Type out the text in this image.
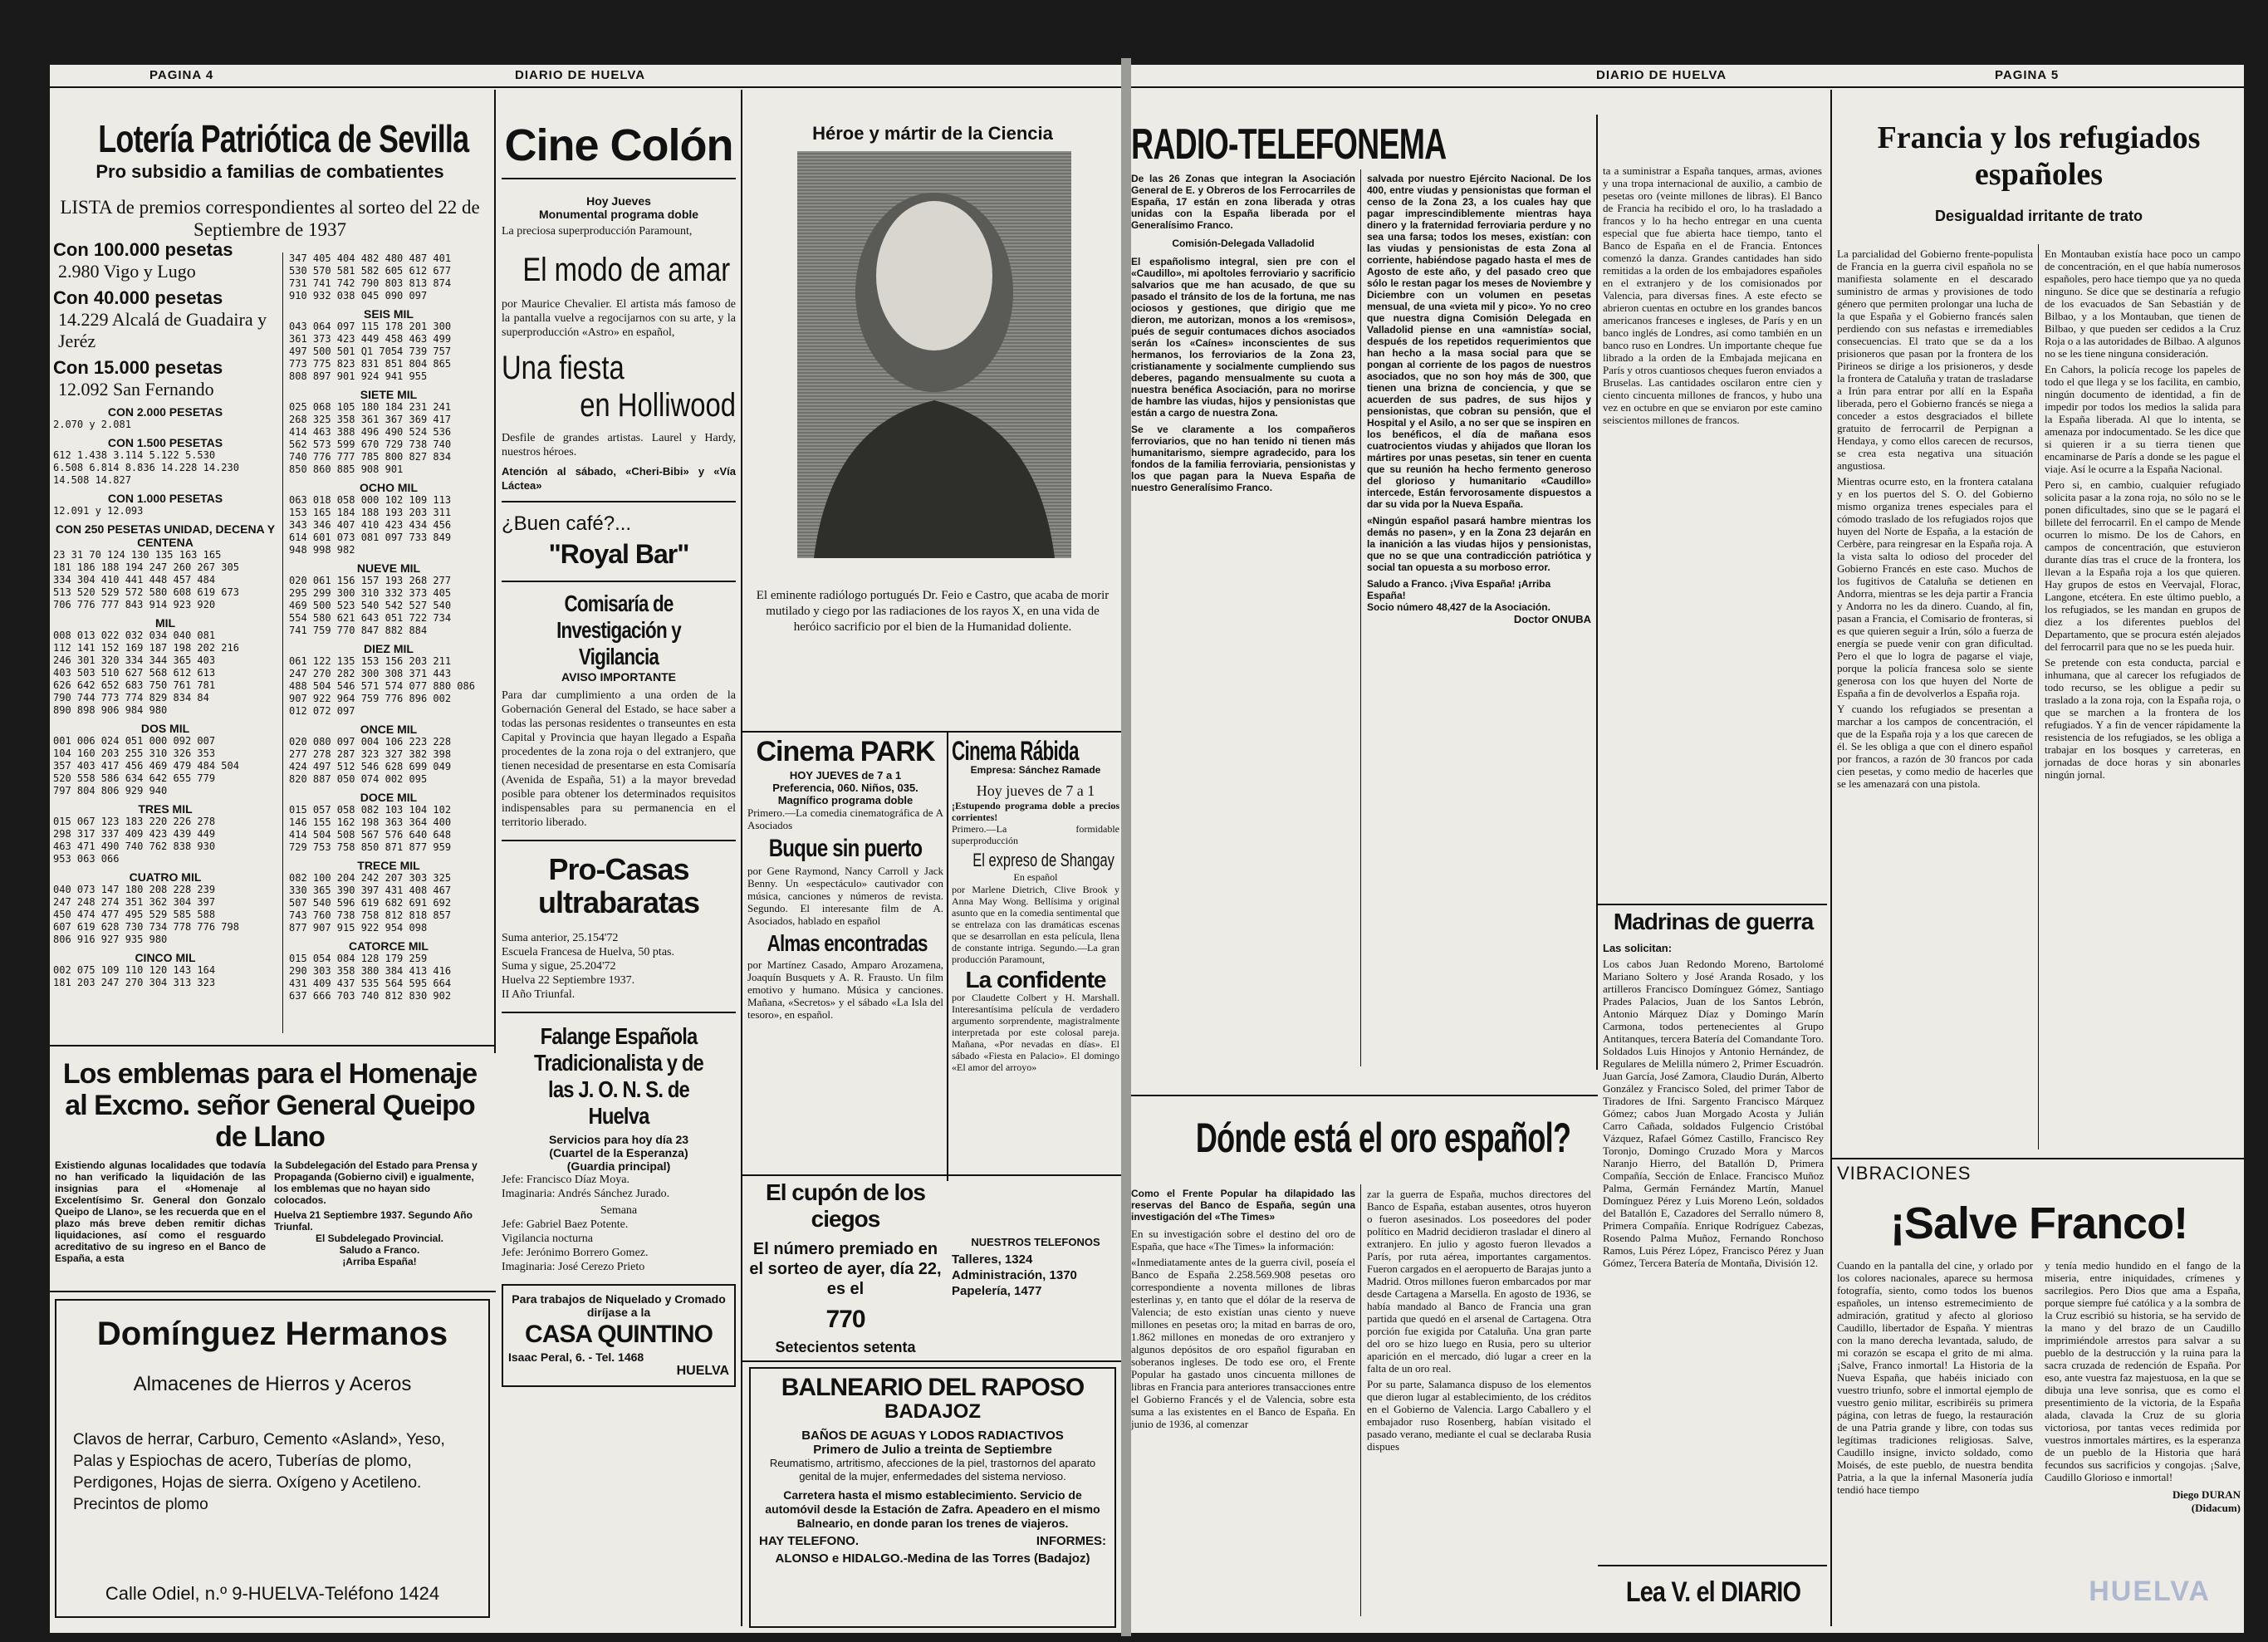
PAGINA 4	DIARIO DE HUELVA
Lotería Patriótica de Sevilla
Pro subsidio a familias de combatientes
LISTA de premios correspondientes al sorteo del 22 de Septiembre de 1937
Con 100.000 pesetas
2.980 Vigo y Lugo
Con 40.000 pesetas
14.229 Alcalá de Guadaira y Jeréz
Con 15.000 pesetas
12.092 San Fernando
CON 2.000 PESETAS
2.070 y 2.081
CON 1.500 PESETAS
612 1.438 3.114 5.122 5.530
6.508 6.814 8.836 14.228 14.230
14.508 14.827
CON 1.000 PESETAS
12.091 y 12.093
CON 250 PESETAS UNIDAD, DECENA Y CENTENA
23 31 70 124 130 135 163 165
181 186 188 194 247 260 267 305
334 304 410 441 448 457 484
513 520 529 572 580 608 619 673
706 776 777 843 914 923 920
MIL
008 013 022 032 034 040 081
112 141 152 169 187 198 202 216
246 301 320 334 344 365 403
403 503 510 627 568 612 613
626 642 652 683 750 761 781
790 744 773 774 829 834 84
890 898 906 984 980
DOS MIL
001 006 024 051 000 092 007
104 160 203 255 310 326 353
357 403 417 456 469 479 484 504
520 558 586 634 642 655 779
797 804 806 929 940
TRES MIL
015 067 123 183 220 226 278
298 317 337 409 423 439 449
463 471 490 740 762 838 930
953 063 066
CUATRO MIL
040 073 147 180 208 228 239
247 248 274 351 362 304 397
450 474 477 495 529 585 588
607 619 628 730 734 778 776 798
806 916 927 935 980
CINCO MIL
002 075 109 110 120 143 164
181 203 247 270 304 313 323
347 405 404 482 480 487 401
530 570 581 582 605 612 677
731 741 742 790 803 813 874
910 932 038 045 090 097
SEIS MIL
043 064 097 115 178 201 300
361 373 423 449 458 463 499
497 500 501 Q1 7054 739 757
773 775 823 831 851 804 865
808 897 901 924 941 955
SIETE MIL
025 068 105 180 184 231 241
268 325 358 361 367 369 417
414 463 388 496 490 524 536
562 573 599 670 729 738 740
740 776 777 785 800 827 834
850 860 885 908 901
OCHO MIL
063 018 058 000 102 109 113
153 165 184 188 193 203 311
343 346 407 410 423 434 456
614 601 073 081 097 733 849
948 998 982
NUEVE MIL
020 061 156 157 193 268 277
295 299 300 310 332 373 405
469 500 523 540 542 527 540
554 580 621 643 051 722 734
741 759 770 847 882 884
DIEZ MIL
061 122 135 153 156 203 211
247 270 282 300 308 371 443
488 504 546 571 574 077 880 086
907 922 964 759 776 896 002
012 072 097
ONCE MIL
020 080 097 004 106 223 228
277 278 287 323 327 382 398
424 497 512 546 628 699 049
820 887 050 074 002 095
DOCE MIL
015 057 058 082 103 104 102
146 155 162 198 363 364 400
414 504 508 567 576 640 648
729 753 758 850 871 877 959
TRECE MIL
082 100 204 242 207 303 325
330 365 390 397 431 408 467
507 540 596 619 682 691 692
743 760 738 758 812 818 857
877 907 915 922 954 098
CATORCE MIL
015 054 084 128 179 259
290 303 358 380 384 413 416
431 409 437 535 564 595 664
637 666 703 740 812 830 902
Los emblemas para el Homenaje al Excmo. señor General Queipo de Llano
Existiendo algunas localidades que todavía no han verificado la liquidación de las insignias para el «Homenaje al Excelentísimo Sr. General don Gonzalo Queipo de Llano», se les recuerda que en el plazo más breve deben remitir dichas liquidaciones, así como el resguardo acreditativo de su ingreso en el Banco de España, a esta
la Subdelegación del Estado para Prensa y Propaganda (Gobierno civil) e igualmente, los emblemas que no hayan sido colocados.
Huelva 21 Septiembre 1937. Segundo Año Triunfal.
El Subdelegado Provincial.
Saludo a Franco.
¡Arriba España!
Domínguez Hermanos
Almacenes de Hierros y Aceros
Clavos de herrar, Carburo, Cemento «Asland», Yeso, Palas y Espiochas de acero, Tuberías de plomo, Perdigones, Hojas de sierra. Oxígeno y Acetileno. Precintos de plomo
Calle Odiel, n.º 9-HUELVA-Teléfono 1424
Cine Colón
Hoy Jueves
Monumental programa doble
La preciosa superproducción Paramount,
El modo de amar
por Maurice Chevalier. El artista más famoso de la pantalla vuelve a regocijarnos con su arte, y la superproducción «Astro» en español,
Una fiesta
en Holliwood
Desfile de grandes artistas. Laurel y Hardy, nuestros héroes.
Atención al sábado, «Cheri-Bibi» y «Vía Láctea»
¿Buen café?...
"Royal Bar"
Comisaría de Investigación y Vigilancia
AVISO IMPORTANTE
Para dar cumplimiento a una orden de la Gobernación General del Estado, se hace saber a todas las personas residentes o transeuntes en esta Capital y Provincia que hayan llegado a España procedentes de la zona roja o del extranjero, que tienen necesidad de presentarse en esta Comisaría (Avenida de España, 51) a la mayor brevedad posible para obtener los determinados requisitos indispensables para su permanencia en el territorio liberado.
Pro-Casas ultrabaratas
Suma anterior, 25.154'72
Escuela Francesa de Huelva, 50 ptas.
Suma y sigue, 25.204'72
Huelva 22 Septiembre 1937.
II Año Triunfal.
Falange Española Tradicionalista y de las J. O. N. S. de Huelva
Servicios para hoy día 23
(Cuartel de la Esperanza)
(Guardia principal)
Jefe: Francisco Díaz Moya.
Imaginaria: Andrés Sánchez Jurado.
Semana
Jefe: Gabriel Baez Potente.
Vigilancia nocturna
Jefe: Jerónimo Borrero Gomez.
Imaginaria: José Cerezo Prieto
Para trabajos de Niquelado y Cromado diríjase a la
CASA QUINTINO
Isaac Peral, 6. - Tel. 1468
HUELVA
Héroe y mártir de la Ciencia
El eminente radiólogo portugués Dr. Feio e Castro, que acaba de morir mutilado y ciego por las radiaciones de los rayos X, en una vida de heróico sacrificio por el bien de la Humanidad doliente.
Cinema PARK
HOY JUEVES de 7 a 1
Preferencia, 060. Niños, 035.
Magnífico programa doble
Primero.—La comedia cinematográfica de A Asociados
Buque sin puerto
por Gene Raymond, Nancy Carroll y Jack Benny. Un «espectáculo» cautivador con música, canciones y números de revista. Segundo. El interesante film de A. Asociados, hablado en español
Almas encontradas
por Martínez Casado, Amparo Arozamena, Joaquín Busquets y A. R. Frausto. Un film emotivo y humano. Música y canciones. Mañana, «Secretos» y el sábado «La Isla del tesoro», en español.
Cinema Rábida
Empresa: Sánchez Ramade
Hoy jueves de 7 a 1
¡Estupendo programa doble a precios corrientes!
Primero.—La formidable superproducción
El expreso de Shangay
En español
por Marlene Dietrich, Clive Brook y Anna May Wong. Bellísima y original asunto que en la comedia sentimental que se entrelaza con las dramáticas escenas que se desarrollan en esta película, llena de constante intriga. Segundo.—La gran producción Paramount,
La confidente
por Claudette Colbert y H. Marshall. Interesantísima película de verdadero argumento sorprendente, magistralmente interpretada por este colosal pareja. Mañana, «Por nevadas en días». El sábado «Fiesta en Palacio». El domingo «El amor del arroyo»
El cupón de los ciegos
El número premiado en el sorteo de ayer, día 22, es el
770
Setecientos setenta
NUESTROS TELEFONOS
Talleres, 1324
Administración, 1370
Papelería, 1477
BALNEARIO DEL RAPOSO
BADAJOZ
BAÑOS DE AGUAS Y LODOS RADIACTIVOS
Primero de Julio a treinta de Septiembre
Reumatismo, artritismo, afecciones de la piel, trastornos del aparato genital de la mujer, enfermedades del sistema nervioso.
Carretera hasta el mismo establecimiento. Servicio de automóvil desde la Estación de Zafra. Apeadero en el mismo Balneario, en donde paran los trenes de viajeros.
HAY TELEFONO.	INFORMES:
ALONSO e HIDALGO.-Medina de las Torres (Badajoz)
DIARIO DE HUELVA	PAGINA 5
RADIO-TELEFONEMA
De las 26 Zonas que integran la Asociación General de E. y Obreros de los Ferrocarriles de España, 17 están en zona liberada y otras unidas con la España liberada por el Generalísimo Franco.
Comisión-Delegada Valladolid
El españolismo integral, sien pre con el «Caudillo», mi apoltoles ferroviario y sacrificio salvarios que me han acusado, de que su pasado el tránsito de los de la fortuna, me nas ociosos y gestiones, que dirigio que me dieron, me autorizan, monos a los «remisos», pués de seguir contumaces dichos asociados serán los «Caínes» inconscientes de sus hermanos, los ferroviarios de la Zona 23, cristianamente y socialmente cumpliendo sus deberes, pagando mensualmente su cuota a nuestra benéfica Asociación, para no morirse de hambre las viudas, hijos y pensionistas que están a cargo de nuestra Zona.
Se ve claramente a los compañeros ferroviarios, que no han tenido ni tienen más humanitarismo, siempre agradecido, para los fondos de la familia ferroviaria, pensionistas y los que pagan para la Nueva España de nuestro Generalísimo Franco.
salvada por nuestro Ejército Nacional. De los 400, entre viudas y pensionistas que forman el censo de la Zona 23, a los cuales hay que pagar imprescindiblemente mientras haya dinero y la fraternidad ferroviaria perdure y no sea una farsa; todos los meses, existían: con las viudas y pensionistas de esta Zona al corriente, habiéndose pagado hasta el mes de Agosto de este año, y del pasado creo que sólo le restan pagar los meses de Noviembre y Diciembre con un volumen en pesetas mensual, de una «vieta mil y pico». Yo no creo que nuestra digna Comisión Delegada en Valladolid piense en una «amnistía» social, después de los repetidos requerimientos que han hecho a la masa social para que se pongan al corriente de los pagos de nuestros asociados, que no son hoy más de 300, que tienen una brizna de conciencia, y que se acuerden de sus padres, de sus hijos y pensionistas, que cobran su pensión, que el Hospital y el Asilo, a no ser que se inspiren en los benéficos, el día de mañana esos cuatrocientos viudas y ahijados que lloran los mártires por unas pesetas, sin tener en cuenta que su reunión ha hecho fermento generoso del glorioso y humanitario «Caudillo» intercede, Están fervorosamente dispuestos a dar su vida por la Nueva España.
«Ningún español pasará hambre mientras los demás no pasen», y en la Zona 23 dejarán en la inanición a las viudas hijos y pensionistas, que no se que una contradicción patriótica y social tan opuesta a su morboso error.
Saludo a Franco. ¡Viva España! ¡Arriba España!
Socio número 48,427 de la Asociación.
Doctor ONUBA
ta a suministrar a España tanques, armas, aviones y una tropa internacional de auxilio, a cambio de pesetas oro (veinte millones de libras). El Banco de Francia ha recibido el oro, lo ha trasladado a francos y lo ha hecho entregar en una cuenta especial que fue abierta hace tiempo, tanto el Banco de España en el de Francia. Entonces comenzó la danza. Grandes cantidades han sido remitidas a la orden de los embajadores españoles en el extranjero y de los comisionados por Valencia, para diversas fines. A este efecto se abrieron cuentas en octubre en los grandes bancos americanos franceses e ingleses, de París y en un banco inglés de Londres, así como también en un banco ruso en Londres. Un importante cheque fue librado a la orden de la Embajada mejicana en París y otros cuantiosos cheques fueron enviados a Bruselas. Las cantidades oscilaron entre cien y ciento cincuenta millones de francos, y hubo una vez en octubre en que se enviaron por este camino seiscientos millones de francos.
Madrinas de guerra
Las solicitan:
Los cabos Juan Redondo Moreno, Bartolomé Mariano Soltero y José Aranda Rosado, y los artilleros Francisco Domínguez Gómez, Santiago Prades Palacios, Juan de los Santos Lebrón, Antonio Márquez Díaz y Domingo Marín Carmona, todos pertenecientes al Grupo Antitanques, tercera Batería del Comandante Toro. Soldados Luis Hinojos y Antonio Hernández, de Regulares de Melilla número 2, Primer Escuadrón. Juan García, José Zamora, Claudio Durán, Alberto González y Francisco Soled, del primer Tabor de Tiradores de Ifni. Sargento Francisco Márquez Gómez; cabos Juan Morgado Acosta y Julián Carro Cañada, soldados Fulgencio Cristóbal Vázquez, Rafael Gómez Castillo, Francisco Rey Toronjo, Domingo Cruzado Mora y Marcos Naranjo Hierro, del Batallón D, Primera Compañía, Sección de Enlace. Francisco Muñoz Palma, Germán Fernández Martín, Manuel Domínguez Pérez y Luis Moreno León, soldados del Batallón E, Cazadores del Serrallo número 8, Primera Compañía. Enrique Rodríguez Cabezas, Rosendo Palma Muñoz, Fernando Ronchoso Ramos, Luis Pérez López, Francisco Pérez y Juan Gómez, Tercera Batería de Montaña, División 12.
Lea V. el DIARIO
Dónde está el oro español?
Como el Frente Popular ha dilapidado las reservas del Banco de España, según una investigación del «The Times»
En su investigación sobre el destino del oro de España, que hace «The Times» la información:
«Inmediatamente antes de la guerra civil, poseía el Banco de España 2.258.569.908 pesetas oro correspondiente a noventa millones de libras esterlinas y, en tanto que el dólar de la reserva de Valencia; de esto existían unas ciento y nueve millones en pesetas oro; la mitad en barras de oro, 1.862 millones en monedas de oro extranjero y algunos depósitos de oro español figuraban en soberanos ingleses. De todo ese oro, el Frente Popular ha gastado unos cincuenta millones de libras en Francia para anteriores transacciones entre el Gobierno Francés y el de Valencia, sobre esta suma a las existentes en el Banco de España. En junio de 1936, al comenzar
zar la guerra de España, muchos directores del Banco de España, estaban ausentes, otros huyeron o fueron asesinados. Los poseedores del poder político en Madrid decidieron trasladar el dinero al extranjero. En julio y agosto fueron llevados a París, por ruta aérea, importantes cargamentos. Fueron cargados en el aeropuerto de Barajas junto a Madrid. Otros millones fueron embarcados por mar desde Cartagena a Marsella. En agosto de 1936, se había mandado al Banco de Francia una gran partida que quedó en el arsenal de Cartagena. Otra porción fue exigida por Cataluña. Una gran parte del oro se hizo luego en Rusia, pero su ulterior aparición en el mercado, dió lugar a creer en la falta de un oro real.
Por su parte, Salamanca dispuso de los elementos que dieron lugar al establecimiento, de los créditos en el Gobierno de Valencia. Largo Caballero y el embajador ruso Rosenberg, habían visitado el pasado verano, mediante el cual se declaraba Rusia dispues
Francia y los refugiados
españoles
Desigualdad irritante de trato
La parcialidad del Gobierno frente-populista de Francia en la guerra civil española no se manifiesta solamente en el descarado suministro de armas y provisiones de todo género que permiten prolongar una lucha de la que España y el Gobierno francés salen perdiendo con sus nefastas e irremediables consecuencias. El trato que se da a los prisioneros que pasan por la frontera de los Pirineos se dirige a los prisioneros, y desde la frontera de Cataluña y tratan de trasladarse a Irún para entrar por allí en la España liberada, pero el Gobierno francés se niega a conceder a estos desgraciados el billete gratuito de ferrocarril de Perpignan a Hendaya, y como ellos carecen de recursos, se crea esta negativa una situación angustiosa.
Mientras ocurre esto, en la frontera catalana y en los puertos del S. O. del Gobierno mismo organiza trenes especiales para el cómodo traslado de los refugiados rojos que huyen del Norte de España, a la estación de Cerbère, para reingresar en la España roja. A la vista salta lo odioso del proceder del Gobierno Francés en este caso. Muchos de los fugitivos de Cataluña se detienen en Andorra, mientras se les deja partir a Francia y Andorra no les da dinero. Cuando, al fin, pasan a Francia, el Comisario de fronteras, si es que quieren seguir a Irún, sólo a fuerza de energía se puede venir con gran dificultad. Pero el que lo logra de pagarse el viaje, porque la policía francesa solo se siente generosa con los que huyen del Norte de España a fin de devolverlos a España roja.
Y cuando los refugiados se presentan a marchar a los campos de concentración, el que de la España roja y a los que carecen de él. Se les obliga a que con el dinero español por francos, a razón de 30 francos por cada cien pesetas, y como medio de hacerles que se les amenazará con una pistola.
En Montauban existía hace poco un campo de concentración, en el que había numerosos españoles, pero hace tiempo que ya no queda ninguno. Se dice que se destinaría a refugio de los evacuados de San Sebastián y de Bilbao, y a los Montauban, que tienen de Bilbao, y que pueden ser cedidos a la Cruz Roja o a las autoridades de Bilbao. A algunos no se les tiene ninguna consideración.
En Cahors, la policía recoge los papeles de todo el que llega y se los facilita, en cambio, ningún documento de identidad, a fin de impedir por todos los medios la salida para la España liberada. Al que lo intenta, se amenaza por indocumentado. Se les dice que si quieren ir a su tierra tienen que encaminarse de París a donde se les pague el viaje. Así le ocurre a la España Nacional.
Pero si, en cambio, cualquier refugiado solicita pasar a la zona roja, no sólo no se le ponen dificultades, sino que se le pagará el billete del ferrocarril. En el campo de Mende ocurren lo mismo. De los de Cahors, en campos de concentración, que estuvieron durante días tras el cruce de la frontera, los llevan a la España roja a los que quieren. Hay grupos de estos en Veervajal, Florac, Langone, etcétera. En este último pueblo, a los refugiados, se les mandan en grupos de diez a los diferentes pueblos del Departamento, que se procura estén alejados del ferrocarril para que no se les pueda huir.
Se pretende con esta conducta, parcial e inhumana, que al carecer los refugiados de todo recurso, se les obligue a pedir su traslado a la zona roja, con la España roja, o que se marchen a la frontera de los refugiados. Y a fin de vencer rápidamente la resistencia de los refugiados, se les obliga a trabajar en los bosques y carreteras, en jornadas de doce horas y sin abonarles ningún jornal.
VIBRACIONES
¡Salve Franco!
Cuando en la pantalla del cine, y orlado por los colores nacionales, aparece su hermosa fotografía, siento, como todos los buenos españoles, un intenso estremecimiento de admiración, gratitud y afecto al glorioso Caudillo, libertador de España. Y mientras con la mano derecha levantada, saludo, de mi corazón se escapa el grito de mi alma. ¡Salve, Franco inmortal! La Historia de la Nueva España, que habéis iniciado con vuestro triunfo, sobre el inmortal ejemplo de vuestro genio militar, escribiréis su primera página, con letras de fuego, la restauración de una Patria grande y libre, con todas sus legítimas tradiciones religiosas. Salve, Caudillo insigne, invicto soldado, como Moisés, de este pueblo, de nuestra bendita Patria, a la que la infernal Masonería judía tendió hace tiempo
y tenía medio hundido en el fango de la miseria, entre iniquidades, crímenes y sacrilegios. Pero Dios que ama a España, porque siempre fué católica y a la sombra de la Cruz escribió su historia, se ha servido de la mano y del brazo de un Caudillo imprimiéndole arrestos para salvar a su pueblo de la destrucción y la ruina para la sacra cruzada de redención de España. Por eso, ante vuestra faz majestuosa, en la que se dibuja una leve sonrisa, que es como el presentimiento de la victoria, de la España alada, clavada la Cruz de su gloria victoriosa, por tantas veces redimida por vuestros inmortales mártires, es la esperanza de un pueblo de la Historia que hará fecundos sus sacrificios y congojas. ¡Salve, Caudillo Glorioso e inmortal!
Diego DURAN
(Didacum)
HUELVA
